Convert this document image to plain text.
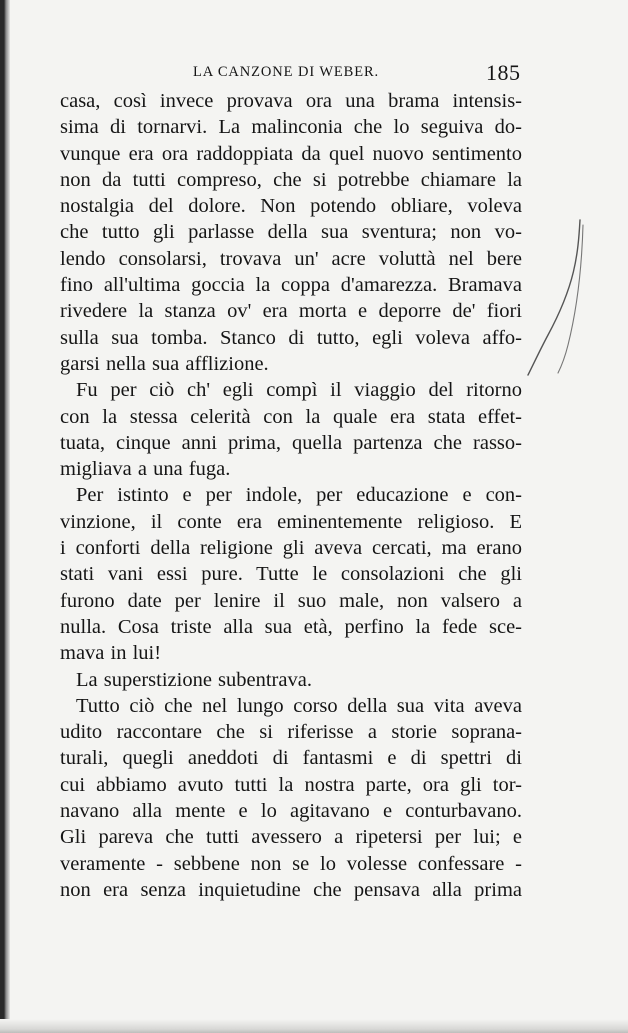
LA CANZONE DI WEBER.	185
casa, così invece provava ora una brama intensis-
sima di tornarvi. La malinconia che lo seguiva do-
vunque era ora raddoppiata da quel nuovo sentimento
non da tutti compreso, che si potrebbe chiamare la
nostalgia del dolore. Non potendo obliare, voleva
che tutto gli parlasse della sua sventura; non vo-
lendo consolarsi, trovava un' acre voluttà nel bere
fino all'ultima goccia la coppa d'amarezza. Bramava
rivedere la stanza ov' era morta e deporre de' fiori
sulla sua tomba. Stanco di tutto, egli voleva affo-
garsi nella sua afflizione.
Fu per ciò ch' egli compì il viaggio del ritorno
con la stessa celerità con la quale era stata effet-
tuata, cinque anni prima, quella partenza che rasso-
migliava a una fuga.
Per istinto e per indole, per educazione e con-
vinzione, il conte era eminentemente religioso. E
i conforti della religione gli aveva cercati, ma erano
stati vani essi pure. Tutte le consolazioni che gli
furono date per lenire il suo male, non valsero a
nulla. Cosa triste alla sua età, perfino la fede sce-
mava in lui!
La superstizione subentrava.
Tutto ciò che nel lungo corso della sua vita aveva
udito raccontare che si riferisse a storie soprana-
turali, quegli aneddoti di fantasmi e di spettri di
cui abbiamo avuto tutti la nostra parte, ora gli tor-
navano alla mente e lo agitavano e conturbavano.
Gli pareva che tutti avessero a ripetersi per lui; e
veramente - sebbene non se lo volesse confessare -
non era senza inquietudine che pensava alla prima
